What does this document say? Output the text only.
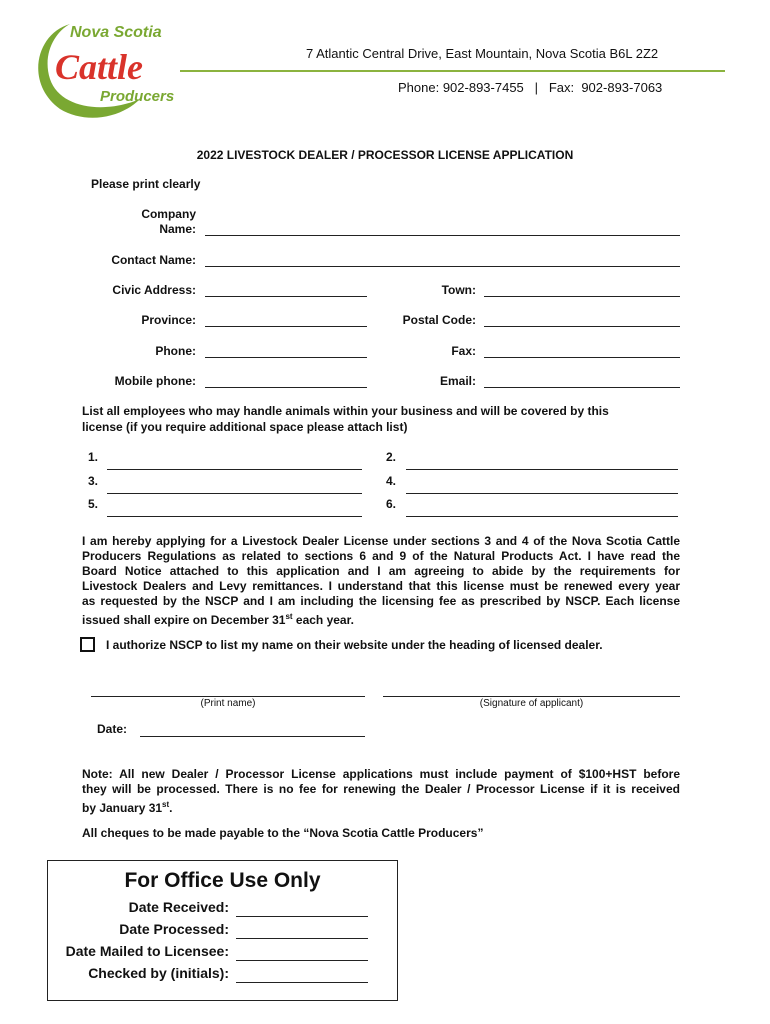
Nova Scotia
Cattle
Producers
7 Atlantic Central Drive, East Mountain, Nova Scotia B6L 2Z2
Phone: 902-893-7455   |   Fax:  902-893-7063
2022 LIVESTOCK DEALER / PROCESSOR LICENSE APPLICATION
Please print clearly
Company
Name:
Contact Name:
Civic Address:	Town:
Province:	Postal Code:
Phone:	Fax:
Mobile phone:	Email:
List all employees who may handle animals within your business and will be covered by this
license (if you require additional space please attach list)
1.	2.
3.	4.
5.	6.
I am hereby applying for a Livestock Dealer License under sections 3 and 4 of the Nova Scotia Cattle
Producers Regulations as related to sections 6 and 9 of the Natural Products Act. I have read the
Board Notice attached to this application and I am agreeing to abide by the requirements for
Livestock Dealers and Levy remittances. I understand that this license must be renewed every year
as requested by the NSCP and I am including the licensing fee as prescribed by NSCP. Each license
issued shall expire on December 31st each year.
I authorize NSCP to list my name on their website under the heading of licensed dealer.
(Print name)	(Signature of applicant)
Date:
Note: All new Dealer / Processor License applications must include payment of $100+HST before
they will be processed. There is no fee for renewing the Dealer / Processor License if it is received
by January 31st.
All cheques to be made payable to the “Nova Scotia Cattle Producers”
For Office Use Only
Date Received:
Date Processed:
Date Mailed to Licensee:
Checked by (initials):
